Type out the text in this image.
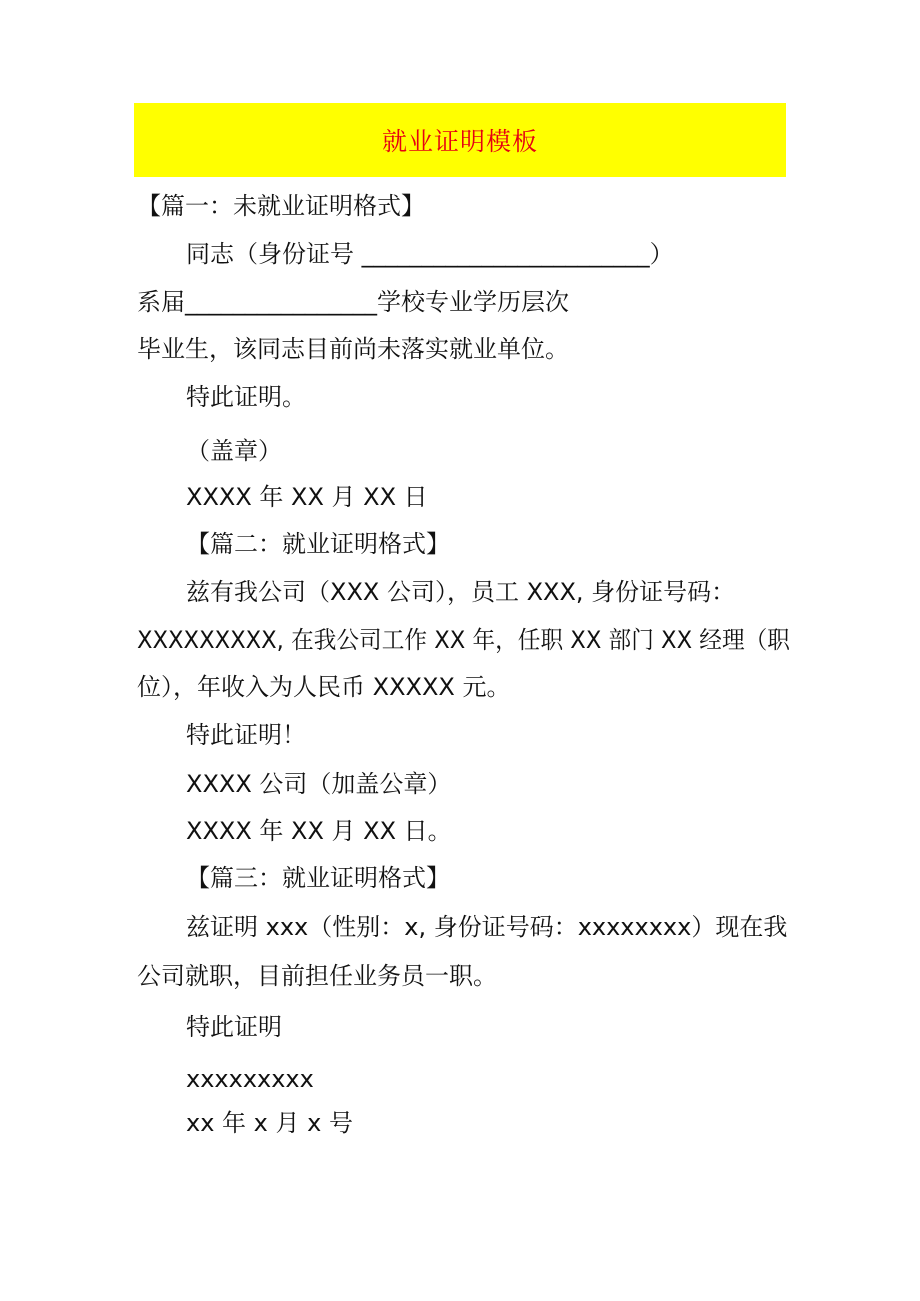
就业证明模板
【篇一：未就业证明格式】
同志（身份证号 ________________________）
系届________________学校专业学历层次
毕业生，该同志目前尚未落实就业单位。
特此证明。
（盖章）
XXXX 年 XX 月 XX 日
【篇二：就业证明格式】
兹有我公司（XXX 公司），员工 XXX, 身份证号码：
XXXXXXXXX, 在我公司工作 XX 年，任职 XX 部门 XX 经理（职
位），年收入为人民币 XXXXX 元。
特此证明！
XXXX 公司（加盖公章）
XXXX 年 XX 月 XX 日。
【篇三：就业证明格式】
兹证明 xxx（性别：x, 身份证号码：xxxxxxxx）现在我
公司就职，目前担任业务员一职。
特此证明
xxxxxxxxx
xx 年 x 月 x 号
